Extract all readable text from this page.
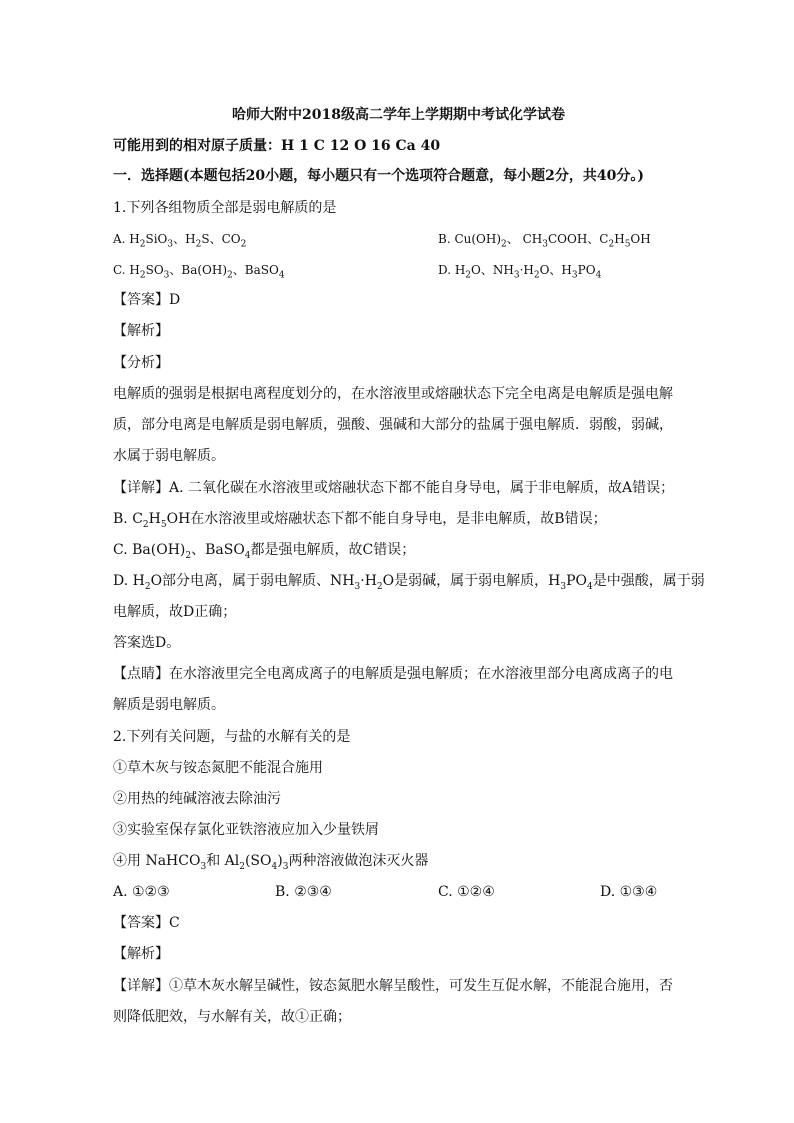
哈师大附中2018级高二学年上学期期中考试化学试卷
可能用到的相对原子质量：H 1 C 12 O 16 Ca 40
一．选择题(本题包括20小题，每小题只有一个选项符合题意，每小题2分，共40分。)
1.下列各组物质全部是弱电解质的是
A. $H_2SiO_3$、$H_2S$、$CO_2$	B. $Cu(OH)_2$、 $CH_3COOH$、$C_2H_5OH$
C. $H_2SO_3$、$Ba(OH)_2$、BaSO$_4$	D. $H_2O$、$NH_3\cdot H_2O$、$H_3PO_4$
【答案】D
【解析】
【分析】
电解质的强弱是根据电离程度划分的，在水溶液里或熔融状态下完全电离是电解质是强电解
质，部分电离是电解质是弱电解质，强酸、强碱和大部分的盐属于强电解质．弱酸，弱碱，
水属于弱电解质。
【详解】A. 二氧化碳在水溶液里或熔融状态下都不能自身导电，属于非电解质，故A错误；
B. $C_2H_5OH$在水溶液里或熔融状态下都不能自身导电，是非电解质，故B错误；
C. $Ba(OH)_2$、BaSO$_4$都是强电解质，故C错误；
D. $H_2O$部分电离，属于弱电解质、$NH_3\cdot H_2O$是弱碱，属于弱电解质，$H_3PO_4$是中强酸，属于弱
电解质，故D正确；
答案选D。
【点睛】在水溶液里完全电离成离子的电解质是强电解质；在水溶液里部分电离成离子的电
解质是弱电解质。
2.下列有关问题，与盐的水解有关的是
①草木灰与铵态氮肥不能混合施用
②用热的纯碱溶液去除油污
③实验室保存氯化亚铁溶液应加入少量铁屑
④用 NaHCO$_3$和 $Al_2(SO_4)_3$两种溶液做泡沫灭火器
A. ①②③	B. ②③④	C. ①②④	D. ①③④
【答案】C
【解析】
【详解】①草木灰水解呈碱性，铵态氮肥水解呈酸性，可发生互促水解，不能混合施用，否
则降低肥效，与水解有关，故①正确；
